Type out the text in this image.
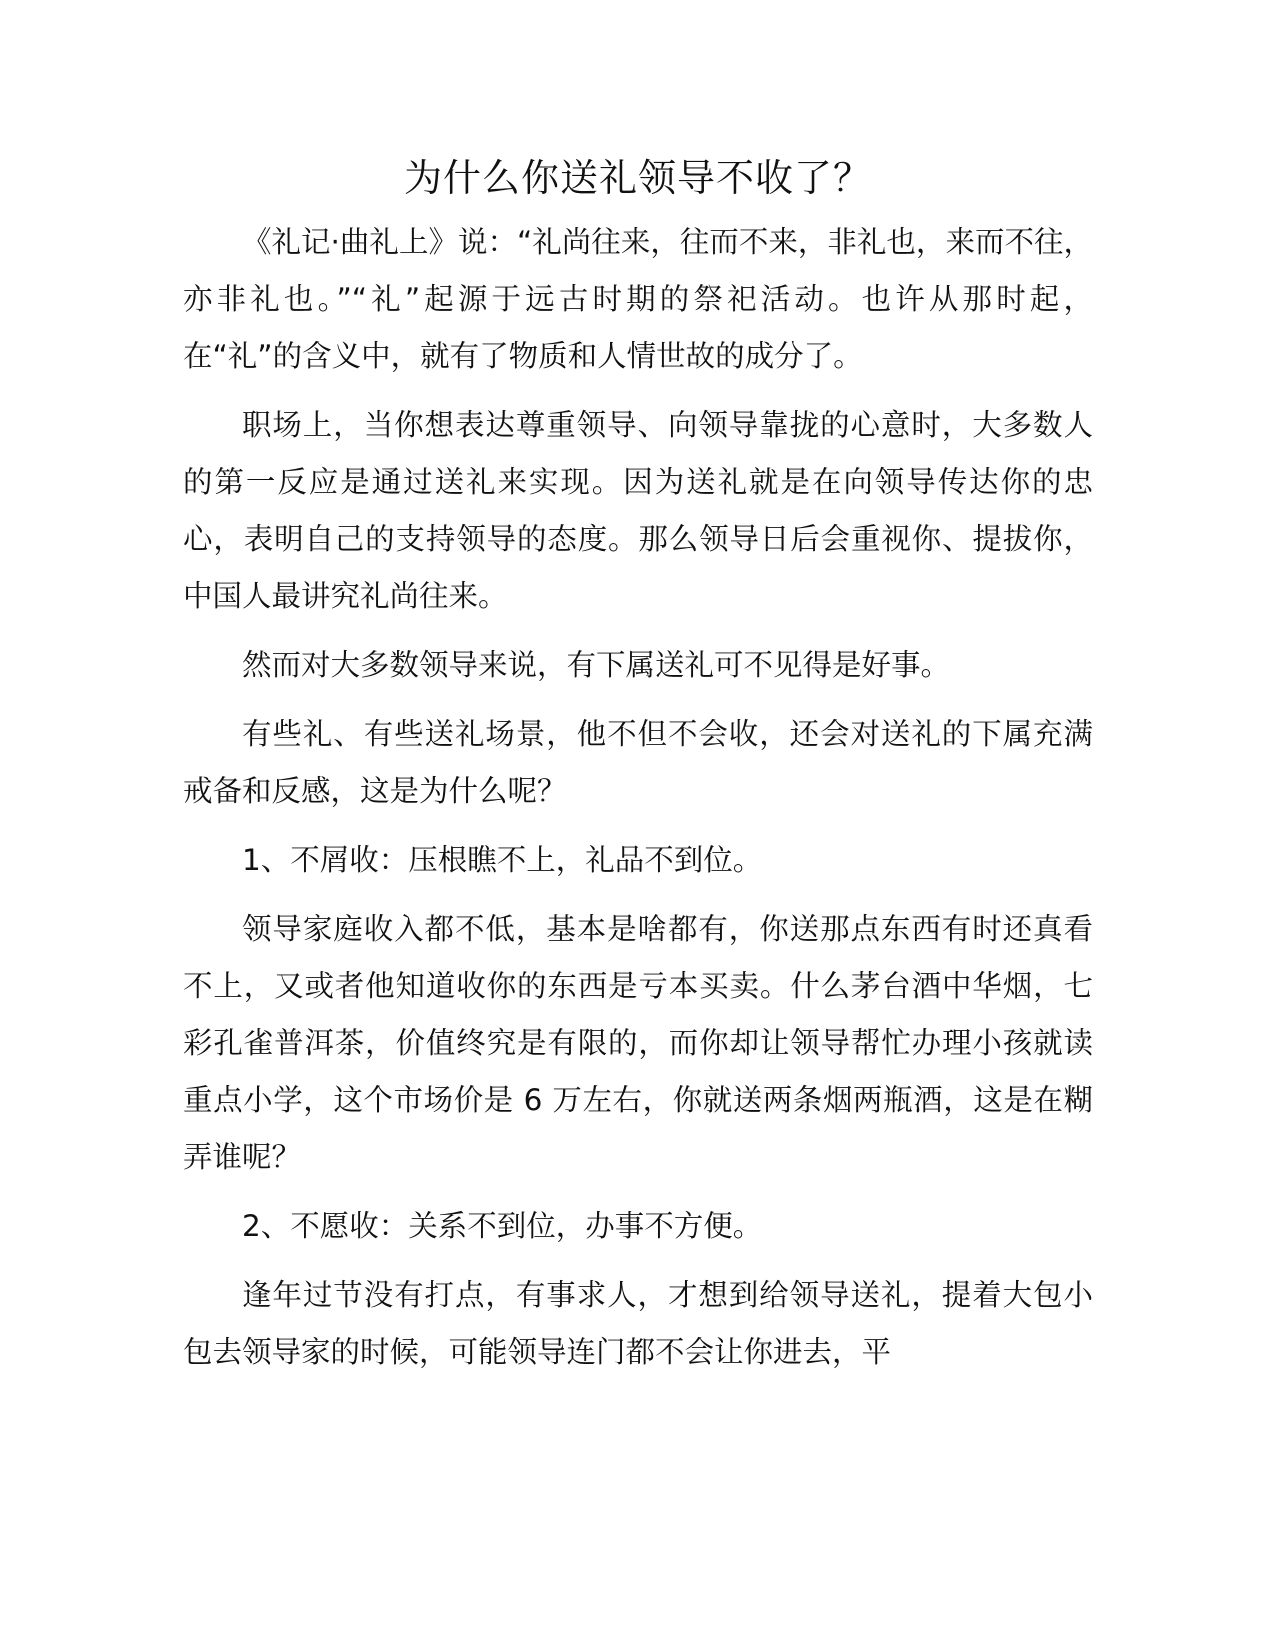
为什么你送礼领导不收了？

《礼记·曲礼上》说：“礼尚往来，往而不来，非礼也，来而不往，亦非礼也。”“礼”起源于远古时期的祭祀活动。也许从那时起，在“礼”的含义中，就有了物质和人情世故的成分了。

职场上，当你想表达尊重领导、向领导靠拢的心意时，大多数人的第一反应是通过送礼来实现。因为送礼就是在向领导传达你的忠心，表明自己的支持领导的态度。那么领导日后会重视你、提拔你，中国人最讲究礼尚往来。

然而对大多数领导来说，有下属送礼可不见得是好事。

有些礼、有些送礼场景，他不但不会收，还会对送礼的下属充满戒备和反感，这是为什么呢？

1、不屑收：压根瞧不上，礼品不到位。

领导家庭收入都不低，基本是啥都有，你送那点东西有时还真看不上，又或者他知道收你的东西是亏本买卖。什么茅台酒中华烟，七彩孔雀普洱茶，价值终究是有限的，而你却让领导帮忙办理小孩就读重点小学，这个市场价是 6 万左右，你就送两条烟两瓶酒，这是在糊弄谁呢？

2、不愿收：关系不到位，办事不方便。

逢年过节没有打点，有事求人，才想到给领导送礼，提着大包小包去领导家的时候，可能领导连门都不会让你进去，平
